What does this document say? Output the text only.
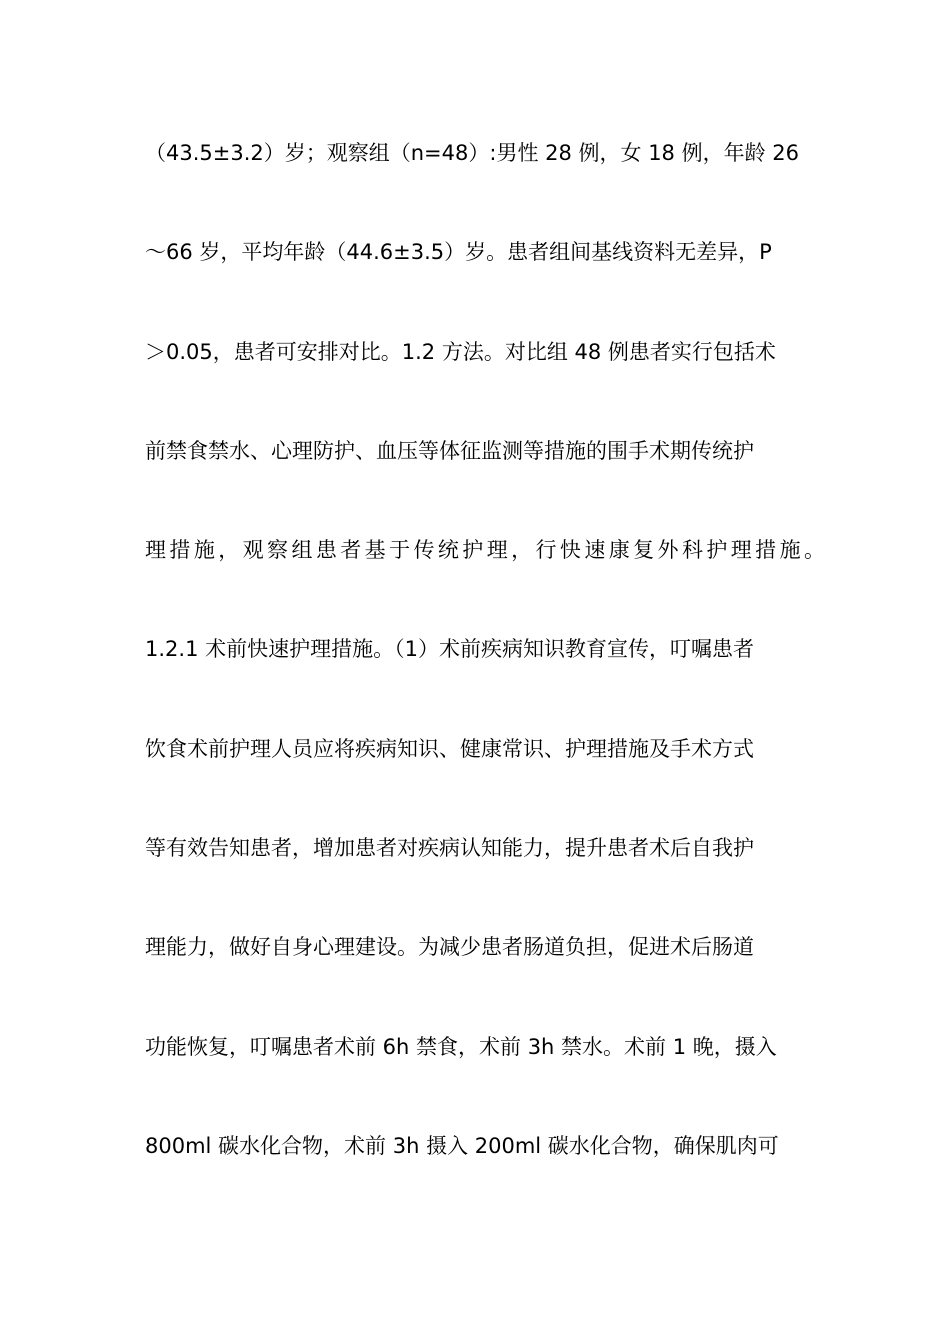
（43.5±3.2）岁；观察组（n=48）:男性 28 例，女 18 例，年龄 26
～66 岁，平均年龄（44.6±3.5）岁。患者组间基线资料无差异，P
＞0.05，患者可安排对比。1.2 方法。对比组 48 例患者实行包括术
前禁食禁水、心理防护、血压等体征监测等措施的围手术期传统护
理措施，观察组患者基于传统护理，行快速康复外科护理措施。
1.2.1 术前快速护理措施。（1）术前疾病知识教育宣传，叮嘱患者
饮食术前护理人员应将疾病知识、健康常识、护理措施及手术方式
等有效告知患者，增加患者对疾病认知能力，提升患者术后自我护
理能力，做好自身心理建设。为减少患者肠道负担，促进术后肠道
功能恢复，叮嘱患者术前 6h 禁食，术前 3h 禁水。术前 1 晚，摄入
800ml 碳水化合物，术前 3h 摄入 200ml 碳水化合物，确保肌肉可
